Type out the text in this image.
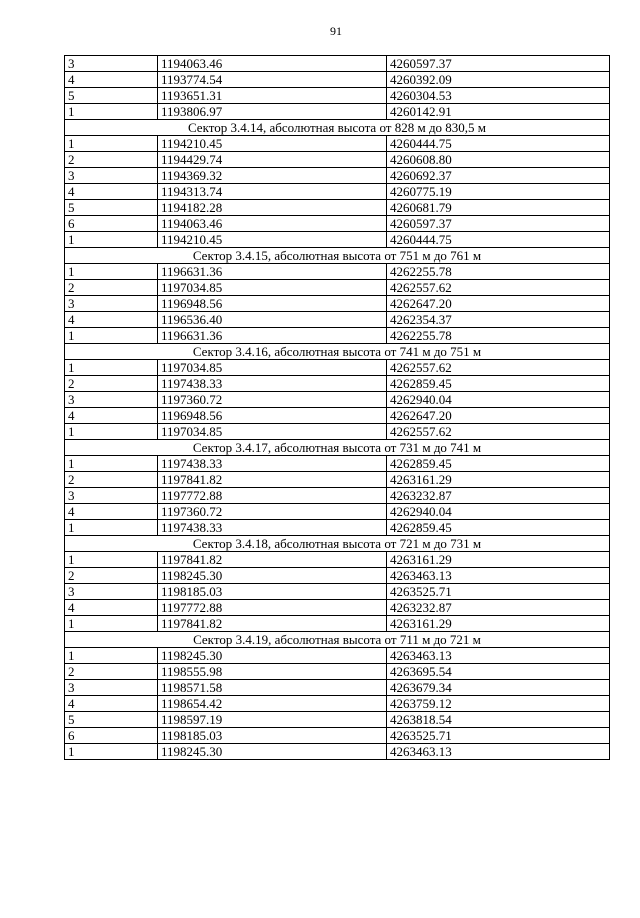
91
3	1194063.46	4260597.37
4	1193774.54	4260392.09
5	1193651.31	4260304.53
1	1193806.97	4260142.91
Сектор 3.4.14, абсолютная высота от 828 м до 830,5 м		
1	1194210.45	4260444.75
2	1194429.74	4260608.80
3	1194369.32	4260692.37
4	1194313.74	4260775.19
5	1194182.28	4260681.79
6	1194063.46	4260597.37
1	1194210.45	4260444.75
Сектор 3.4.15, абсолютная высота от 751 м до 761 м		
1	1196631.36	4262255.78
2	1197034.85	4262557.62
3	1196948.56	4262647.20
4	1196536.40	4262354.37
1	1196631.36	4262255.78
Сектор 3.4.16, абсолютная высота от 741 м до 751 м		
1	1197034.85	4262557.62
2	1197438.33	4262859.45
3	1197360.72	4262940.04
4	1196948.56	4262647.20
1	1197034.85	4262557.62
Сектор 3.4.17, абсолютная высота от 731 м до 741 м		
1	1197438.33	4262859.45
2	1197841.82	4263161.29
3	1197772.88	4263232.87
4	1197360.72	4262940.04
1	1197438.33	4262859.45
Сектор 3.4.18, абсолютная высота от 721 м до 731 м		
1	1197841.82	4263161.29
2	1198245.30	4263463.13
3	1198185.03	4263525.71
4	1197772.88	4263232.87
1	1197841.82	4263161.29
Сектор 3.4.19, абсолютная высота от 711 м до 721 м		
1	1198245.30	4263463.13
2	1198555.98	4263695.54
3	1198571.58	4263679.34
4	1198654.42	4263759.12
5	1198597.19	4263818.54
6	1198185.03	4263525.71
1	1198245.30	4263463.13
